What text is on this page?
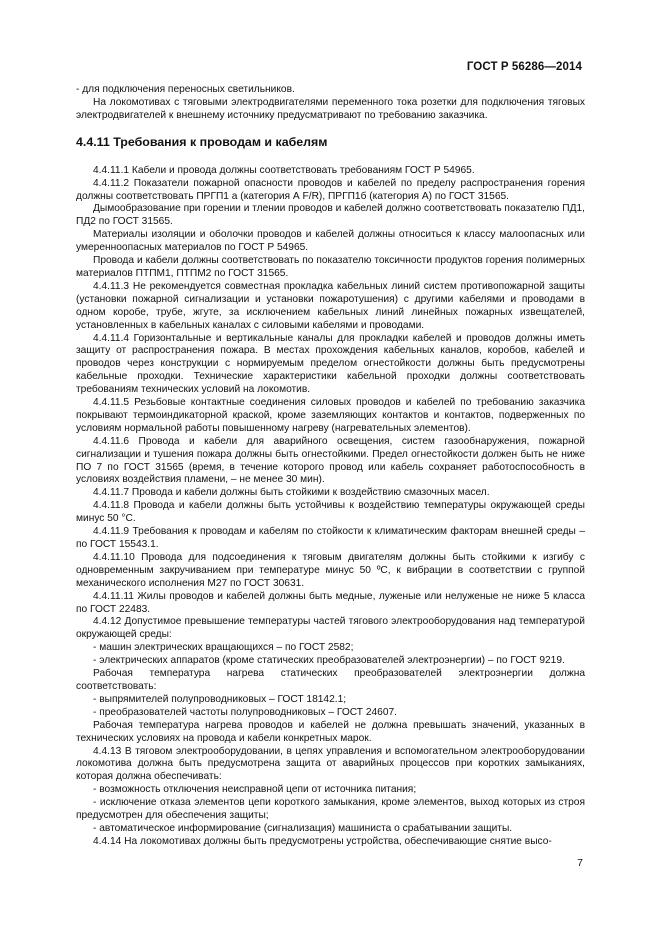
ГОСТ Р 56286—2014

- для подключения переносных светильников.

На локомотивах с тяговыми электродвигателями переменного тока розетки для подключения тяговых электродвигателей к внешнему источнику предусматривают по требованию заказчика.

4.4.11 Требования к проводам и кабелям

4.4.11.1 Кабели и провода должны соответствовать требованиям ГОСТ Р 54965.

4.4.11.2 Показатели пожарной опасности проводов и кабелей по пределу распространения горения должны соответствовать ПРГП1 а (категория А F/R), ПРГП1б (категория А) по ГОСТ 31565.

Дымообразование при горении и тлении проводов и кабелей должно соответствовать показателю ПД1, ПД2 по ГОСТ 31565.

Материалы изоляции и оболочки проводов и кабелей должны относиться к классу малоопасных или умеренноопасных материалов по ГОСТ Р 54965.

Провода и кабели должны соответствовать по показателю токсичности продуктов горения полимерных материалов ПТПМ1, ПТПМ2 по ГОСТ 31565.

4.4.11.3 Не рекомендуется совместная прокладка кабельных линий систем противопожарной защиты (установки пожарной сигнализации и установки пожаротушения) с другими кабелями и проводами в одном коробе, трубе, жгуте, за исключением кабельных линий линейных пожарных извещателей, установленных в кабельных каналах с силовыми кабелями и проводами.

4.4.11.4 Горизонтальные и вертикальные каналы для прокладки кабелей и проводов должны иметь защиту от распространения пожара. В местах прохождения кабельных каналов, коробов, кабелей и проводов через конструкции с нормируемым пределом огнестойкости должны быть предусмотрены кабельные проходки. Технические характеристики кабельной проходки должны соответствовать требованиям технических условий на локомотив.

4.4.11.5 Резьбовые контактные соединения силовых проводов и кабелей по требованию заказчика покрывают термоиндикаторной краской, кроме заземляющих контактов и контактов, подверженных по условиям нормальной работы повышенному нагреву (нагревательных элементов).

4.4.11.6 Провода и кабели для аварийного освещения, систем газообнаружения, пожарной сигнализации и тушения пожара должны быть огнестойкими. Предел огнестойкости должен быть не ниже ПО 7 по ГОСТ 31565 (время, в течение которого провод или кабель сохраняет работоспособность в условиях воздействия пламени, – не менее 30 мин).

4.4.11.7 Провода и кабели должны быть стойкими к воздействию смазочных масел.

4.4.11.8 Провода и кабели должны быть устойчивы к воздействию температуры окружающей среды минус 50 °С.

4.4.11.9 Требования к проводам и кабелям по стойкости к климатическим факторам внешней среды – по ГОСТ 15543.1.

4.4.11.10 Провода для подсоединения к тяговым двигателям должны быть стойкими к изгибу с одновременным закручиванием при температуре минус 50 ºС, к вибрации в соответствии с группой механического исполнения М27 по ГОСТ 30631.

4.4.11.11 Жилы проводов и кабелей должны быть медные, луженые или нелуженые не ниже 5 класса по ГОСТ 22483.

4.4.12 Допустимое превышение температуры частей тягового электрооборудования над температурой окружающей среды:

- машин электрических вращающихся – по ГОСТ 2582;

- электрических аппаратов (кроме статических преобразователей электроэнергии) – по ГОСТ 9219.

Рабочая температура нагрева статических преобразователей электроэнергии должна соответствовать:

- выпрямителей полупроводниковых – ГОСТ 18142.1;

- преобразователей частоты полупроводниковых – ГОСТ 24607.

Рабочая температура нагрева проводов и кабелей не должна превышать значений, указанных в технических условиях на провода и кабели конкретных марок.

4.4.13 В тяговом электрооборудовании, в цепях управления и вспомогательном электрооборудовании локомотива должна быть предусмотрена защита от аварийных процессов при коротких замыканиях, которая должна обеспечивать:

- возможность отключения неисправной цепи от источника питания;

- исключение отказа элементов цепи короткого замыкания, кроме элементов, выход которых из строя предусмотрен для обеспечения защиты;

- автоматическое информирование (сигнализация) машиниста о срабатывании защиты.

4.4.14 На локомотивах должны быть предусмотрены устройства, обеспечивающие снятие высо-

7
